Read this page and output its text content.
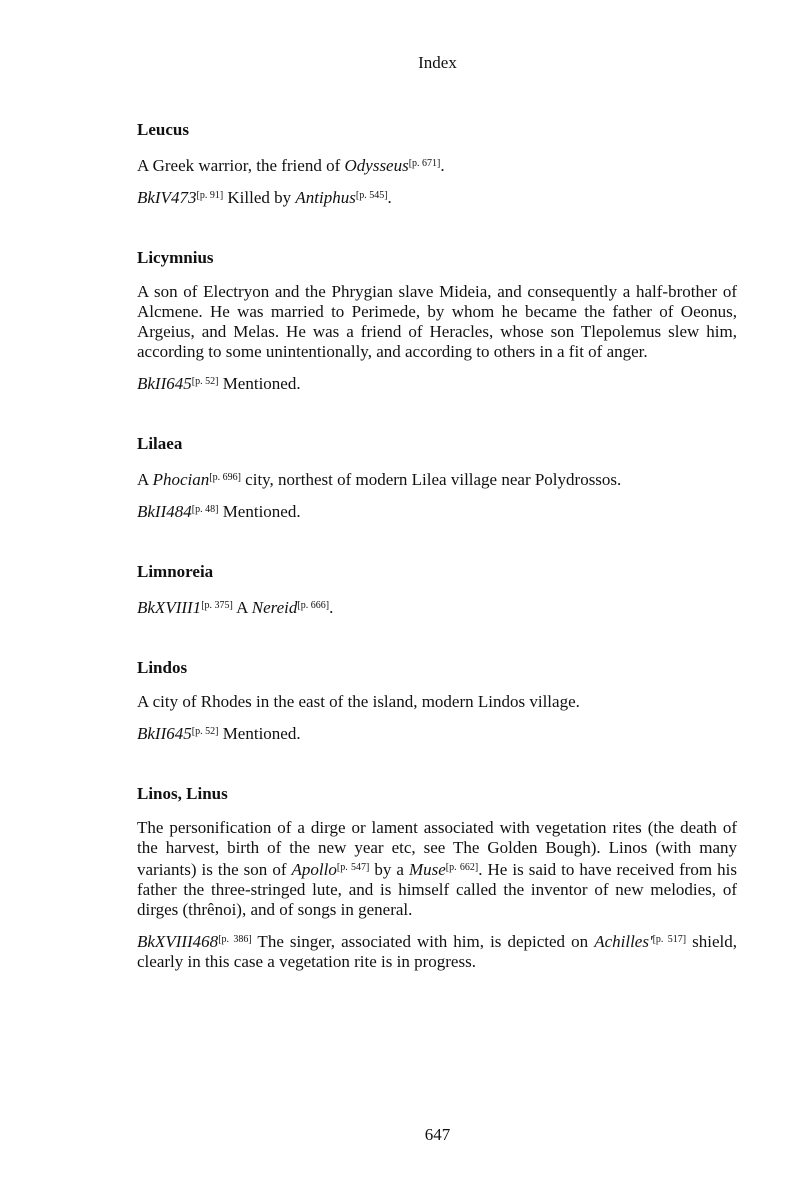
Index
Leucus
A Greek warrior, the friend of Odysseus[p. 671].
BkIV473[p. 91] Killed by Antiphus[p. 545].
Licymnius
A son of Electryon and the Phrygian slave Mideia, and consequently a half-brother of Alcmene. He was married to Perimede, by whom he became the father of Oeonus, Argeius, and Melas. He was a friend of Heracles, whose son Tlepolemus slew him, according to some unintentionally, and according to others in a fit of anger.
BkII645[p. 52] Mentioned.
Lilaea
A Phocian[p. 696] city, northest of modern Lilea village near Polydrossos.
BkII484[p. 48] Mentioned.
Limnoreia
BkXVIII1[p. 375] A Nereid[p. 666].
Lindos
A city of Rhodes in the east of the island, modern Lindos village.
BkII645[p. 52] Mentioned.
Linos, Linus
The personification of a dirge or lament associated with vegetation rites (the death of the harvest, birth of the new year etc, see The Golden Bough). Linos (with many variants) is the son of Apollo[p. 547] by a Muse[p. 662]. He is said to have received from his father the three-stringed lute, and is himself called the inventor of new melodies, of dirges (thrênoi), and of songs in general.
BkXVIII468[p. 386] The singer, associated with him, is depicted on Achilles'[p. 517] shield, clearly in this case a vegetation rite is in progress.
647
